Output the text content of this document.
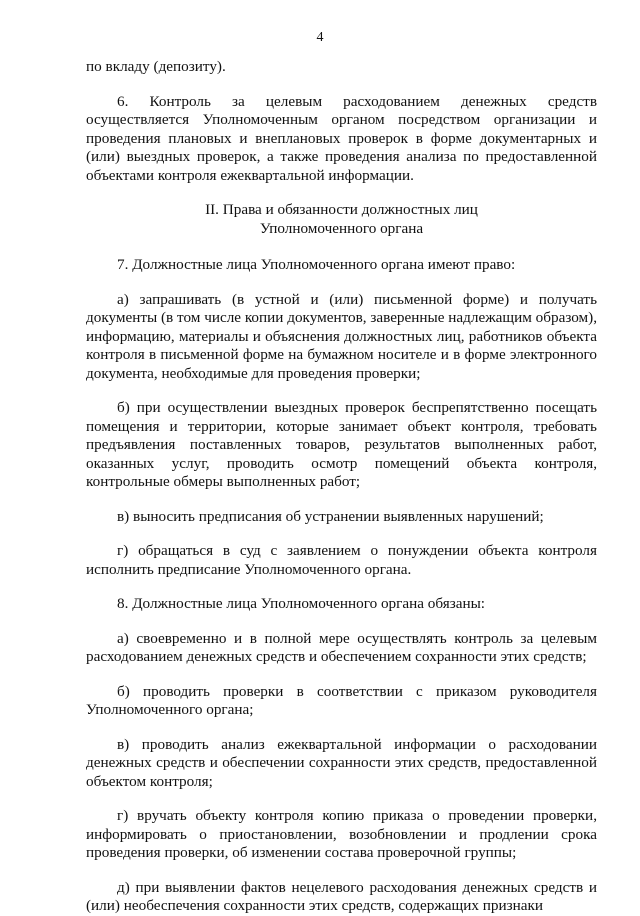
4

по вкладу (депозиту).

6. Контроль за целевым расходованием денежных средств осуществляется Уполномоченным органом посредством организации и проведения плановых и внеплановых проверок в форме документарных и (или) выездных проверок, а также проведения анализа по предоставленной объектами контроля ежеквартальной информации.

II. Права и обязанности должностных лиц
Уполномоченного органа

7. Должностные лица Уполномоченного органа имеют право:

а) запрашивать (в устной и (или) письменной форме) и получать документы (в том числе копии документов, заверенные надлежащим образом), информацию, материалы и объяснения должностных лиц, работников объекта контроля в письменной форме на бумажном носителе и в форме электронного документа, необходимые для проведения проверки;

б) при осуществлении выездных проверок беспрепятственно посещать помещения и территории, которые занимает объект контроля, требовать предъявления поставленных товаров, результатов выполненных работ, оказанных услуг, проводить осмотр помещений объекта контроля, контрольные обмеры выполненных работ;

в) выносить предписания об устранении выявленных нарушений;

г) обращаться в суд с заявлением о понуждении объекта контроля исполнить предписание Уполномоченного органа.

8. Должностные лица Уполномоченного органа обязаны:

а) своевременно и в полной мере осуществлять контроль за целевым расходованием денежных средств и обеспечением сохранности этих средств;

б) проводить проверки в соответствии с приказом руководителя Уполномоченного органа;

в) проводить анализ ежеквартальной информации о расходовании денежных средств и обеспечении сохранности этих средств, предоставленной объектом контроля;

г) вручать объекту контроля копию приказа о проведении проверки, информировать о приостановлении, возобновлении и продлении срока проведения проверки, об изменении состава проверочной группы;

д) при выявлении фактов нецелевого расходования денежных средств и (или) необеспечения сохранности этих средств, содержащих признаки
